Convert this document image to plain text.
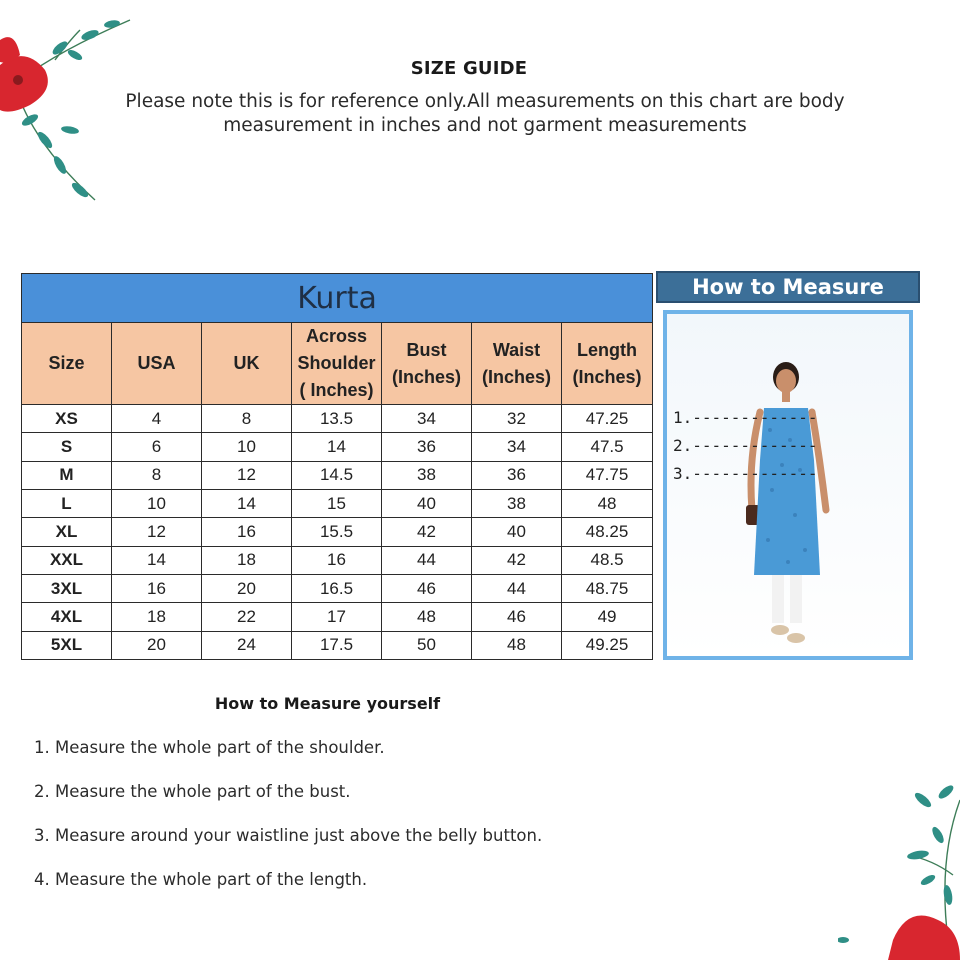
SIZE GUIDE
Please note this is for reference only.All measurements on this chart are body measurement in inches and not garment measurements
Kurta						
Size	USA	UK	Across Shoulder ( Inches)	Bust (Inches)	Waist (Inches)	Length (Inches)
XS	4	8	13.5	34	32	47.25
S	6	10	14	36	34	47.5
M	8	12	14.5	38	36	47.75
L	10	14	15	40	38	48
XL	12	16	15.5	42	40	48.25
XXL	14	18	16	44	42	48.5
3XL	16	20	16.5	46	44	48.75
4XL	18	22	17	48	46	49
5XL	20	24	17.5	50	48	49.25
How to Measure
1.-------------
2.-------------
3.-------------
How to Measure yourself
1. Measure the whole part of the shoulder.
2. Measure the whole part of the bust.
3. Measure around your waistline just above the belly button.
4. Measure the whole part of the length.
